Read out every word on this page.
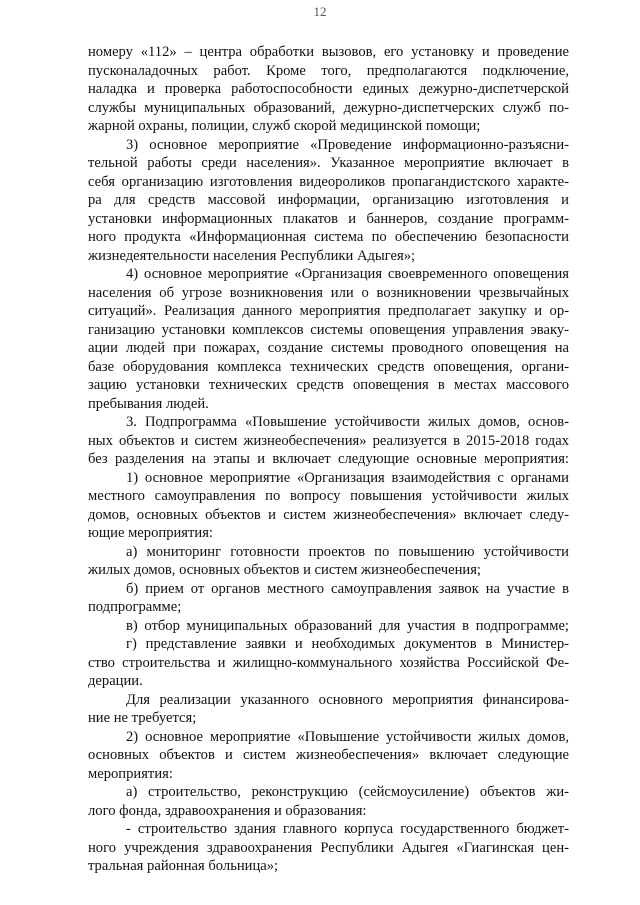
12
номеру «112» – центра обработки вызовов, его установку и проведение
пусконаладочных работ. Кроме того, предполагаются подключение,
наладка и проверка работоспособности единых дежурно-диспетчерской
службы муниципальных образований, дежурно-диспетчерских служб по-
жарной охраны, полиции, служб скорой медицинской помощи;
3) основное мероприятие «Проведение информационно-разъясни-
тельной работы среди населения». Указанное мероприятие включает в
себя организацию изготовления видеороликов пропагандистского характе-
ра для средств массовой информации, организацию изготовления и
установки информационных плакатов и баннеров, создание программ-
ного продукта «Информационная система по обеспечению безопасности
жизнедеятельности населения Республики Адыгея»;
4) основное мероприятие «Организация своевременного оповещения
населения об угрозе возникновения или о возникновении чрезвычайных
ситуаций». Реализация данного мероприятия предполагает закупку и ор-
ганизацию установки комплексов системы оповещения управления эваку-
ации людей при пожарах, создание системы проводного оповещения на
базе оборудования комплекса технических средств оповещения, органи-
зацию установки технических средств оповещения в местах массового
пребывания людей.
3. Подпрограмма «Повышение устойчивости жилых домов, основ-
ных объектов и систем жизнеобеспечения» реализуется в 2015-2018 годах
без разделения на этапы и включает следующие основные мероприятия:
1) основное мероприятие «Организация взаимодействия с органами
местного самоуправления по вопросу повышения устойчивости жилых
домов, основных объектов и систем жизнеобеспечения» включает следу-
ющие мероприятия:
а) мониторинг готовности проектов по повышению устойчивости
жилых домов, основных объектов и систем жизнеобеспечения;
б) прием от органов местного самоуправления заявок на участие в
подпрограмме;
в) отбор муниципальных образований для участия в подпрограмме;
г) представление заявки и необходимых документов в Министер-
ство строительства и жилищно-коммунального хозяйства Российской Фе-
дерации.
Для реализации указанного основного мероприятия финансирова-
ние не требуется;
2) основное мероприятие «Повышение устойчивости жилых домов,
основных объектов и систем жизнеобеспечения» включает следующие
мероприятия:
а) строительство, реконструкцию (сейсмоусиление) объектов жи-
лого фонда, здравоохранения и образования:
- строительство здания главного корпуса государственного бюджет-
ного учреждения здравоохранения Республики Адыгея «Гиагинская цен-
тральная районная больница»;
